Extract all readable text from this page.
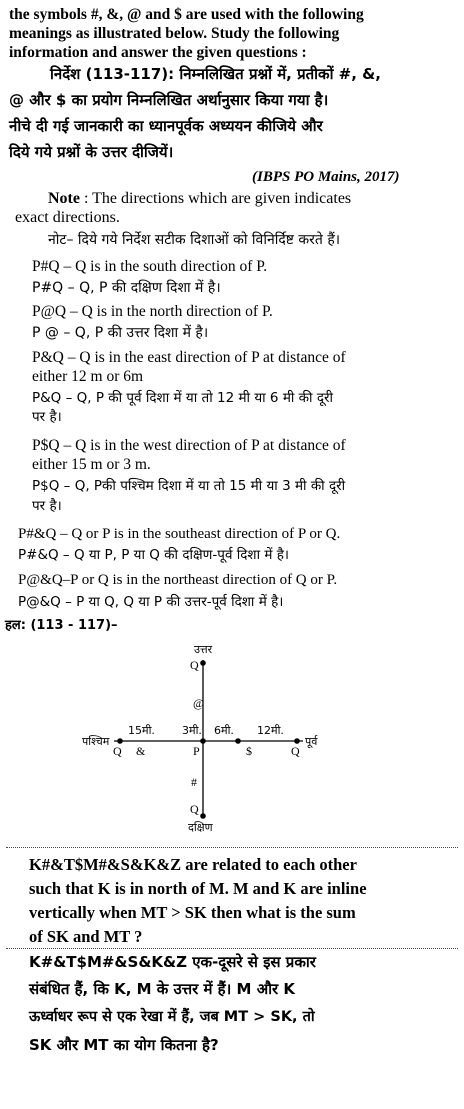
the symbols #, &, @ and $ are used with the following
meanings as illustrated below. Study the following
information and answer the given questions :
निर्देश (113-117): निम्नलिखित प्रश्नों में, प्रतीकों #, &,
@ और $ का प्रयोग निम्नलिखित अर्थानुसार किया गया है।
नीचे दी गई जानकारी का ध्यानपूर्वक अध्ययन कीजिये और
दिये गये प्रश्नों के उत्तर दीजियें।
(IBPS PO Mains, 2017)
Note : The directions which are given indicates
exact directions.
नोट– दिये गये निर्देश सटीक दिशाओं को विनिर्दिष्ट करते हैं।
P#Q – Q is in the south direction of P.
P#Q – Q, P की दक्षिण दिशा में है।
P@Q – Q is in the north direction of P.
P @ – Q, P की उत्तर दिशा में है।
P&Q – Q is in the east direction of P at distance of
either 12 m or 6m
P&Q – Q, P की पूर्व दिशा में या तो 12 मी या 6 मी की दूरी
पर है।
P$Q – Q is in the west direction of P at distance of
either 15 m or 3 m.
P$Q – Q, Pकी पश्चिम दिशा में या तो 15 मी या 3 मी की दूरी
पर है।
P#&Q – Q or P is in the southeast direction of P or Q.
P#&Q – Q या P, P या Q की दक्षिण-पूर्व दिशा में है।
P@&Q–P or Q is in the northeast direction of Q or P.
P@&Q – P या Q, Q या P की उत्तर-पूर्व दिशा में है।
हल: (113 - 117)–
उत्तर
Q
@
15मी. 3मी. 6मी. 12मी.
पश्चिम	पूर्व
Q &	P	$	Q
#
Q
दक्षिण
K#&T$M#&S&K&Z are related to each other
such that K is in north of M. M and K are inline
vertically when MT > SK then what is the sum
of SK and MT ?
K#&T$M#&S&K&Z एक-दूसरे से इस प्रकार
संबंधित हैं, कि K, M के उत्तर में हैं। M और K
ऊर्ध्वाधर रूप से एक रेखा में हैं, जब MT > SK, तो
SK और MT का योग कितना है?
